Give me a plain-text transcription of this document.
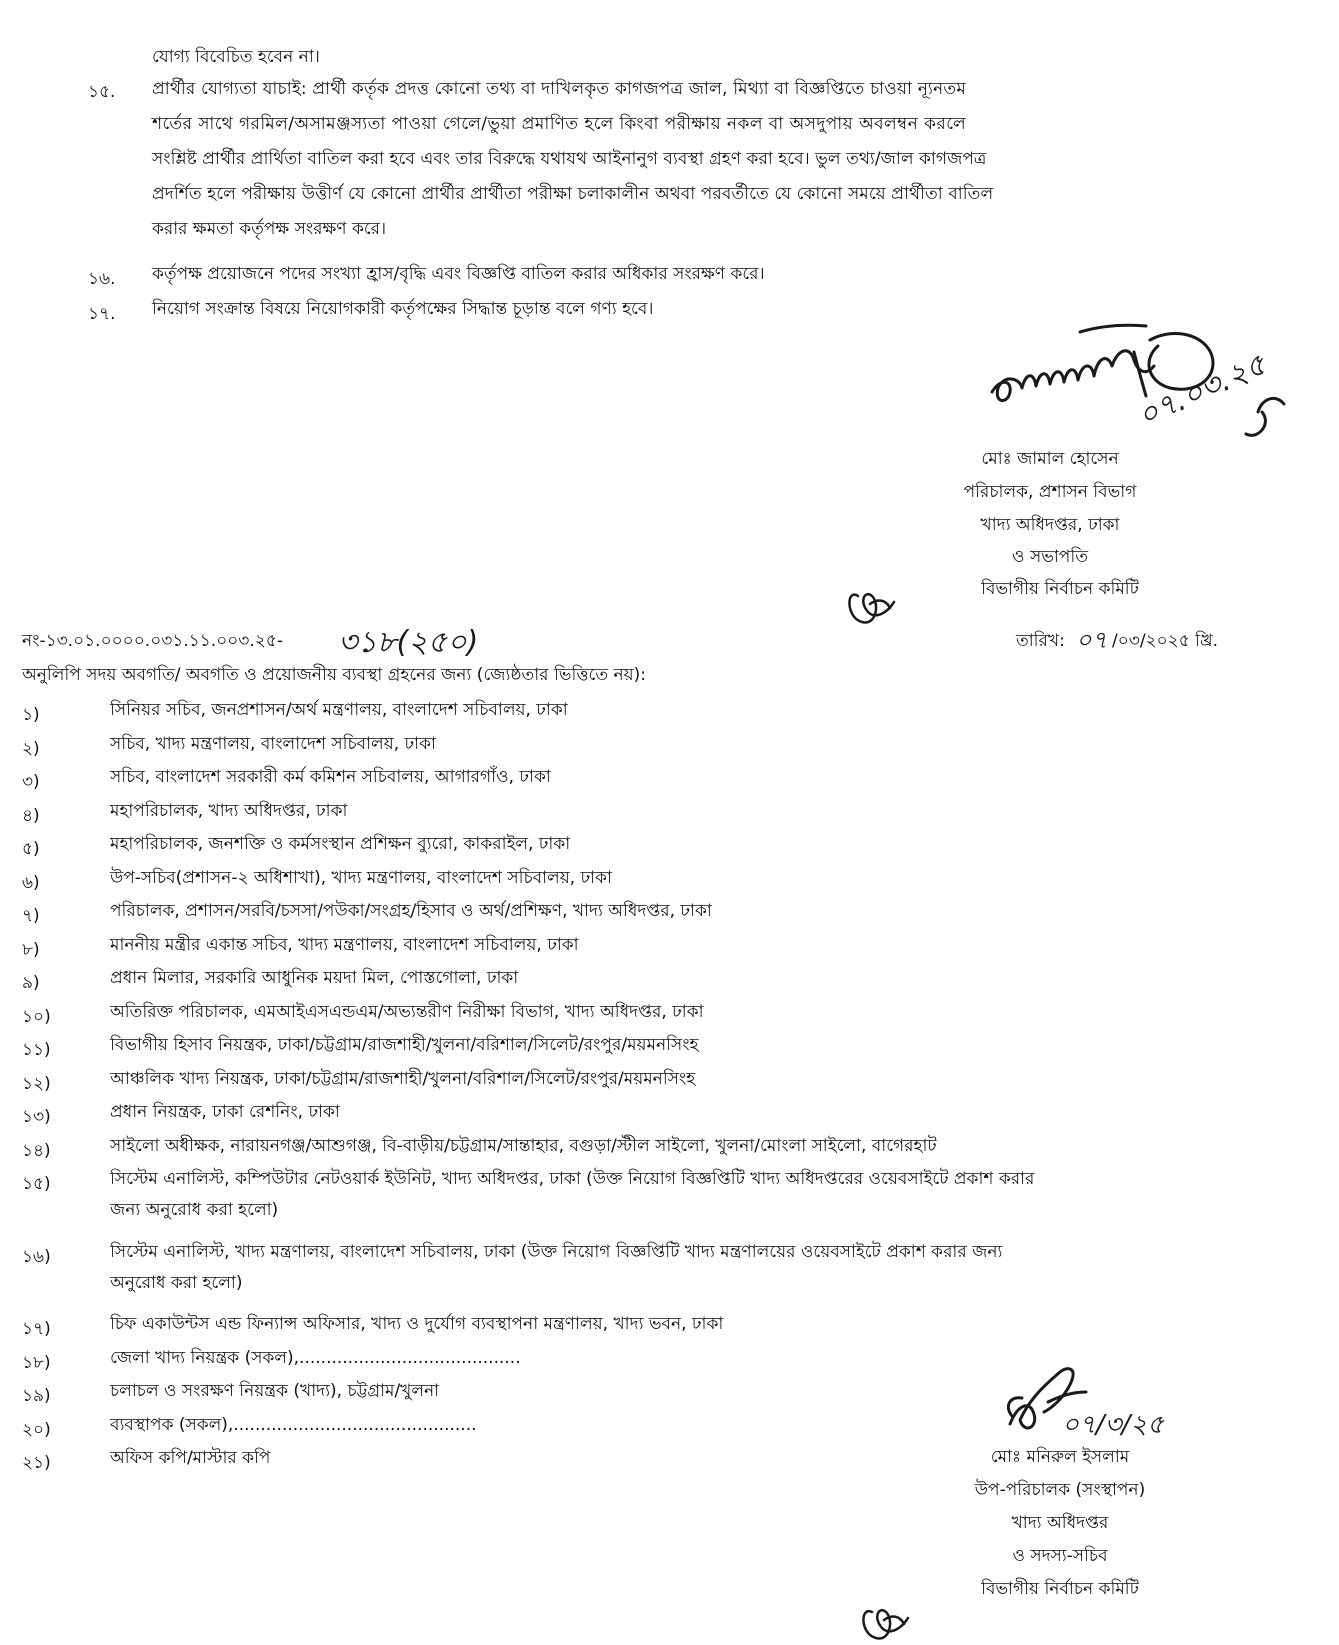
যোগ্য বিবেচিত হবেন না।
১৫. প্রার্থীর যোগ্যতা যাচাই: প্রার্থী কর্তৃক প্রদত্ত কোনো তথ্য বা দাখিলকৃত কাগজপত্র জাল, মিথ্যা বা বিজ্ঞপ্তিতে চাওয়া ন্যূনতম
শর্তের সাথে গরমিল/অসামঞ্জস্যতা পাওয়া গেলে/ভুয়া প্রমাণিত হলে কিংবা পরীক্ষায় নকল বা অসদুপায় অবলম্বন করলে
সংশ্লিষ্ট প্রার্থীর প্রার্থিতা বাতিল করা হবে এবং তার বিরুদ্ধে যথাযথ আইনানুগ ব্যবস্থা গ্রহণ করা হবে। ভুল তথ্য/জাল কাগজপত্র
প্রদর্শিত হলে পরীক্ষায় উত্তীর্ণ যে কোনো প্রার্থীর প্রার্থীতা পরীক্ষা চলাকালীন অথবা পরবর্তীতে যে কোনো সময়ে প্রার্থীতা বাতিল
করার ক্ষমতা কর্তৃপক্ষ সংরক্ষণ করে।
১৬. কর্তৃপক্ষ প্রয়োজনে পদের সংখ্যা হ্রাস/বৃদ্ধি এবং বিজ্ঞপ্তি বাতিল করার অধিকার সংরক্ষণ করে।
১৭. নিয়োগ সংক্রান্ত বিষয়ে নিয়োগকারী কর্তৃপক্ষের সিদ্ধান্ত চূড়ান্ত বলে গণ্য হবে।
০৭.০৩.২৫
মোঃ জামাল হোসেন
পরিচালক, প্রশাসন বিভাগ
খাদ্য অধিদপ্তর, ঢাকা
ও সভাপতি
বিভাগীয় নির্বাচন কমিটি
নং-১৩.০১.০০০০.০৩১.১১.০০৩.২৫- ৩১৮(২৫০)	তারিখ: ০৭ /০৩/২০২৫ খ্রি.
অনুলিপি সদয় অবগতি/ অবগতি ও প্রয়োজনীয় ব্যবস্থা গ্রহনের জন্য (জ্যেষ্ঠতার ভিত্তিতে নয়):
১)	সিনিয়র সচিব, জনপ্রশাসন/অর্থ মন্ত্রণালয়, বাংলাদেশ সচিবালয়, ঢাকা
২)	সচিব, খাদ্য মন্ত্রণালয়, বাংলাদেশ সচিবালয়, ঢাকা
৩)	সচিব, বাংলাদেশ সরকারী কর্ম কমিশন সচিবালয়, আগারগাঁও, ঢাকা
৪)	মহাপরিচালক, খাদ্য অধিদপ্তর, ঢাকা
৫)	মহাপরিচালক, জনশক্তি ও কর্মসংস্থান প্রশিক্ষন ব্যুরো, কাকরাইল, ঢাকা
৬)	উপ-সচিব(প্রশাসন-২ অধিশাখা), খাদ্য মন্ত্রণালয়, বাংলাদেশ সচিবালয়, ঢাকা
৭)	পরিচালক, প্রশাসন/সরবি/চসসা/পউকা/সংগ্রহ/হিসাব ও অর্থ/প্রশিক্ষণ, খাদ্য অধিদপ্তর, ঢাকা
৮)	মাননীয় মন্ত্রীর একান্ত সচিব, খাদ্য মন্ত্রণালয়, বাংলাদেশ সচিবালয়, ঢাকা
৯)	প্রধান মিলার, সরকারি আধুনিক ময়দা মিল, পোস্তগোলা, ঢাকা
১০)	অতিরিক্ত পরিচালক, এমআইএসএন্ডএম/অভ্যন্তরীণ নিরীক্ষা বিভাগ, খাদ্য অধিদপ্তর, ঢাকা
১১)	বিভাগীয় হিসাব নিয়ন্ত্রক, ঢাকা/চট্টগ্রাম/রাজশাহী/খুলনা/বরিশাল/সিলেট/রংপুর/ময়মনসিংহ
১২)	আঞ্চলিক খাদ্য নিয়ন্ত্রক, ঢাকা/চট্টগ্রাম/রাজশাহী/খুলনা/বরিশাল/সিলেট/রংপুর/ময়মনসিংহ
১৩)	প্রধান নিয়ন্ত্রক, ঢাকা রেশনিং, ঢাকা
১৪)	সাইলো অধীক্ষক, নারায়নগঞ্জ/আশুগঞ্জ, বি-বাড়ীয়/চট্টগ্রাম/সান্তাহার, বগুড়া/স্টীল সাইলো, খুলনা/মোংলা সাইলো, বাগেরহাট
১৫)	সিস্টেম এনালিস্ট, কম্পিউটার নেটওয়ার্ক ইউনিট, খাদ্য অধিদপ্তর, ঢাকা (উক্ত নিয়োগ বিজ্ঞপ্তিটি খাদ্য অধিদপ্তরের ওয়েবসাইটে প্রকাশ করার
জন্য অনুরোধ করা হলো)
১৬)	সিস্টেম এনালিস্ট, খাদ্য মন্ত্রণালয়, বাংলাদেশ সচিবালয়, ঢাকা (উক্ত নিয়োগ বিজ্ঞপ্তিটি খাদ্য মন্ত্রণালয়ের ওয়েবসাইটে প্রকাশ করার জন্য
অনুরোধ করা হলো)
১৭)	চিফ একাউন্টস এন্ড ফিন্যান্স অফিসার, খাদ্য ও দুর্যোগ ব্যবস্থাপনা মন্ত্রণালয়, খাদ্য ভবন, ঢাকা
১৮)	জেলা খাদ্য নিয়ন্ত্রক (সকল),.........................................
১৯)	চলাচল ও সংরক্ষণ নিয়ন্ত্রক (খাদ্য), চট্টগ্রাম/খুলনা
২০)	ব্যবস্থাপক (সকল),.............................................
২১)	অফিস কপি/মাস্টার কপি
০৭/৩/২৫
মোঃ মনিরুল ইসলাম
উপ-পরিচালক (সংস্থাপন)
খাদ্য অধিদপ্তর
ও সদস্য-সচিব
বিভাগীয় নির্বাচন কমিটি
